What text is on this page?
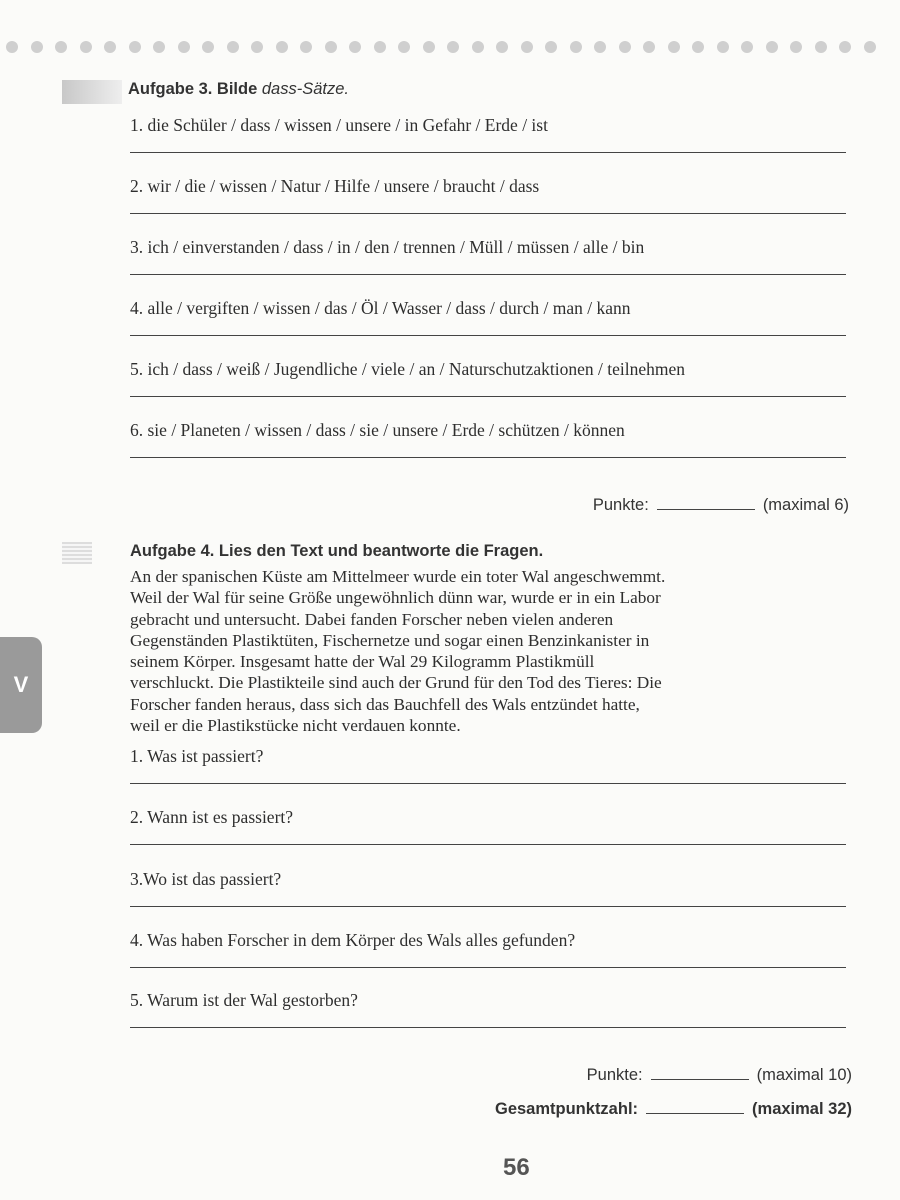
Aufgabe 3. Bilde dass-Sätze.
1. die Schüler / dass / wissen / unsere / in Gefahr / Erde / ist
2. wir / die / wissen / Natur / Hilfe / unsere / braucht / dass
3. ich / einverstanden / dass / in / den / trennen / Müll / müssen / alle / bin
4. alle / vergiften / wissen / das / Öl / Wasser / dass / durch / man / kann
5. ich / dass / weiß / Jugendliche / viele / an / Naturschutzaktionen / teilnehmen
6. sie / Planeten / wissen / dass / sie / unsere / Erde / schützen / können
Punkte:	(maximal 6)
V
Aufgabe 4. Lies den Text und beantworte die Fragen.
An der spanischen Küste am Mittelmeer wurde ein toter Wal angeschwemmt.
Weil der Wal für seine Größe ungewöhnlich dünn war, wurde er in ein Labor
gebracht und untersucht. Dabei fanden Forscher neben vielen anderen
Gegenständen Plastiktüten, Fischernetze und sogar einen Benzinkanister in
seinem Körper. Insgesamt hatte der Wal 29 Kilogramm Plastikmüll
verschluckt. Die Plastikteile sind auch der Grund für den Tod des Tieres: Die
Forscher fanden heraus, dass sich das Bauchfell des Wals entzündet hatte,
weil er die Plastikstücke nicht verdauen konnte.
1. Was ist passiert?
2. Wann ist es passiert?
3.Wo ist das passiert?
4. Was haben Forscher in dem Körper des Wals alles gefunden?
5. Warum ist der Wal gestorben?
Punkte:	(maximal 10)
Gesamtpunktzahl:	(maximal 32)
56
